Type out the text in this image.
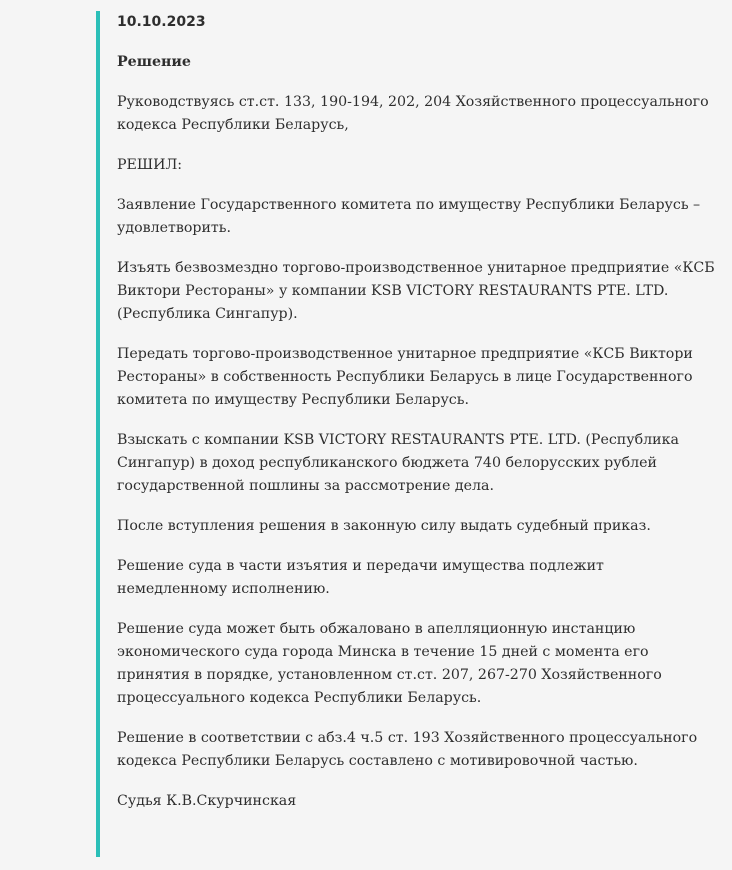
10.10.2023

Решение

Руководствуясь ст.ст. 133, 190-194, 202, 204 Хозяйственного процессуального кодекса Республики Беларусь,

РЕШИЛ:

Заявление Государственного комитета по имуществу Республики Беларусь – удовлетворить.

Изъять безвозмездно торгово-производственное унитарное предприятие «КСБ Виктори Рестораны» у компании KSB VICTORY RESTAURANTS PTE. LTD. (Республика Сингапур).

Передать торгово-производственное унитарное предприятие «КСБ Виктори Рестораны» в собственность Республики Беларусь в лице Государственного комитета по имуществу Республики Беларусь.

Взыскать с компании KSB VICTORY RESTAURANTS PTE. LTD. (Республика Сингапур) в доход республиканского бюджета 740 белорусских рублей государственной пошлины за рассмотрение дела.

После вступления решения в законную силу выдать судебный приказ.

Решение суда в части изъятия и передачи имущества подлежит немедленному исполнению.

Решение суда может быть обжаловано в апелляционную инстанцию экономического суда города Минска в течение 15 дней с момента его принятия в порядке, установленном ст.ст. 207, 267-270 Хозяйственного процессуального кодекса Республики Беларусь.

Решение в соответствии с абз.4 ч.5 ст. 193 Хозяйственного процессуального кодекса Республики Беларусь составлено с мотивировочной частью.

Судья К.В.Скурчинская
